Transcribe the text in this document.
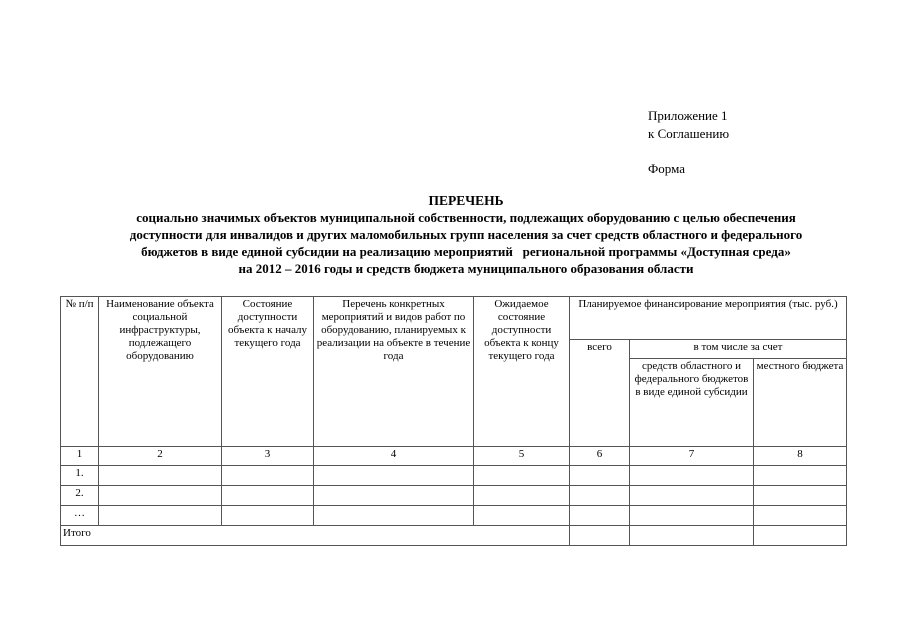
Приложение 1
к Соглашению
Форма
ПЕРЕЧЕНЬ
социально значимых объектов муниципальной собственности, подлежащих оборудованию с целью обеспечения
доступности для инвалидов и других маломобильных групп населения за счет средств областного и федерального
бюджетов в виде единой субсидии на реализацию мероприятий   региональной программы «Доступная среда»
на 2012 – 2016 годы и средств бюджета муниципального образования области
№ п/п	Наименование объекта социальной инфраструктуры, подлежащего оборудованию	Состояние доступности объекта к началу текущего года	Перечень конкретных мероприятий и видов работ по оборудованию, планируемых к реализации на объекте в течение года	Ожидаемое состояние доступности объекта к концу текущего года	Планируемое финансирование мероприятия (тыс. руб.)		
					всего	в том числе за счет	
						средств областного и федерального бюджетов в виде единой субсидии	местного бюджета
1	2	3	4	5	6	7	8
1.							
2.							
…							
Итого							
